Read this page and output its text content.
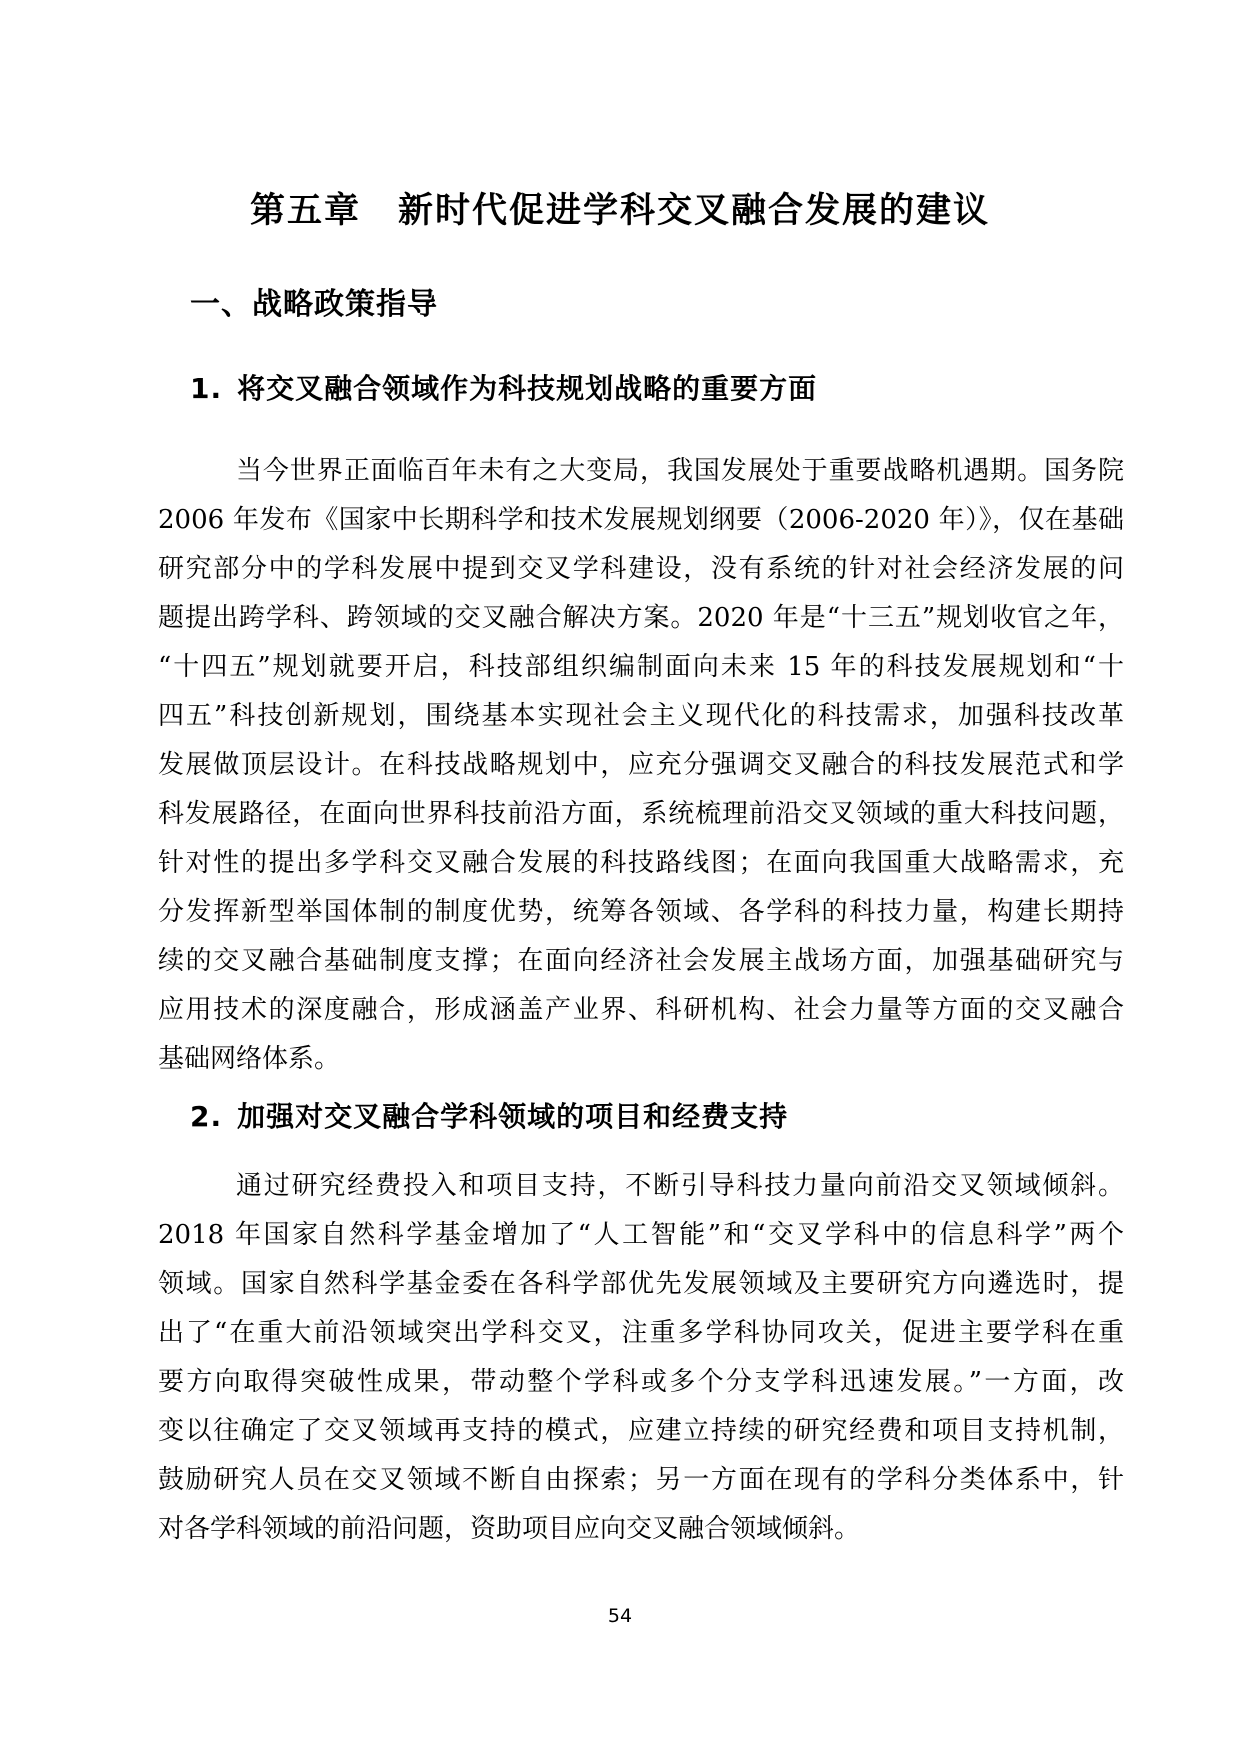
第五章　新时代促进学科交叉融合发展的建议
一、战略政策指导
1. 将交叉融合领域作为科技规划战略的重要方面
当今世界正面临百年未有之大变局，我国发展处于重要战略机遇期。国务院
2006 年发布《国家中长期科学和技术发展规划纲要（2006-2020 年）》，仅在基础
研究部分中的学科发展中提到交叉学科建设，没有系统的针对社会经济发展的问
题提出跨学科、跨领域的交叉融合解决方案。2020 年是“十三五”规划收官之年，
“十四五”规划就要开启，科技部组织编制面向未来 15 年的科技发展规划和“十
四五”科技创新规划，围绕基本实现社会主义现代化的科技需求，加强科技改革
发展做顶层设计。在科技战略规划中，应充分强调交叉融合的科技发展范式和学
科发展路径，在面向世界科技前沿方面，系统梳理前沿交叉领域的重大科技问题，
针对性的提出多学科交叉融合发展的科技路线图；在面向我国重大战略需求，充
分发挥新型举国体制的制度优势，统筹各领域、各学科的科技力量，构建长期持
续的交叉融合基础制度支撑；在面向经济社会发展主战场方面，加强基础研究与
应用技术的深度融合，形成涵盖产业界、科研机构、社会力量等方面的交叉融合
基础网络体系。
2. 加强对交叉融合学科领域的项目和经费支持
通过研究经费投入和项目支持，不断引导科技力量向前沿交叉领域倾斜。
2018 年国家自然科学基金增加了“人工智能”和“交叉学科中的信息科学”两个
领域。国家自然科学基金委在各科学部优先发展领域及主要研究方向遴选时，提
出了“在重大前沿领域突出学科交叉，注重多学科协同攻关，促进主要学科在重
要方向取得突破性成果，带动整个学科或多个分支学科迅速发展。”一方面，改
变以往确定了交叉领域再支持的模式，应建立持续的研究经费和项目支持机制，
鼓励研究人员在交叉领域不断自由探索；另一方面在现有的学科分类体系中，针
对各学科领域的前沿问题，资助项目应向交叉融合领域倾斜。
54
